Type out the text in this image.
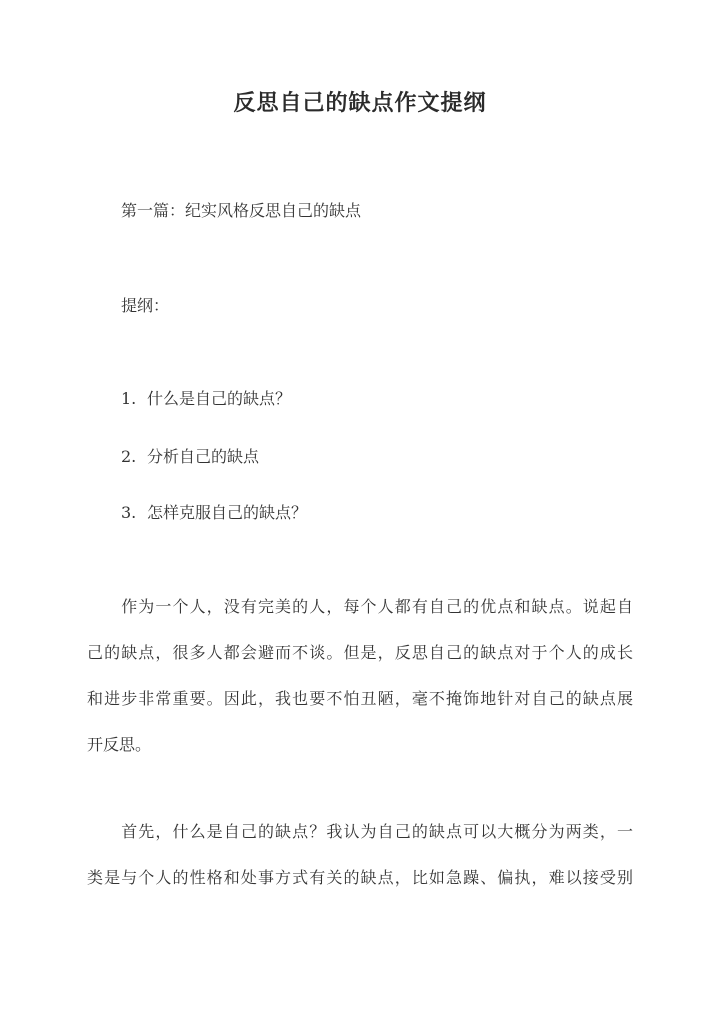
反思自己的缺点作文提纲
第一篇：纪实风格反思自己的缺点
提纲：
1. 什么是自己的缺点？
2. 分析自己的缺点
3. 怎样克服自己的缺点？
　　作为一个人，没有完美的人，每个人都有自己的优点和缺点。说起自
己的缺点，很多人都会避而不谈。但是，反思自己的缺点对于个人的成长
和进步非常重要。因此，我也要不怕丑陋，毫不掩饰地针对自己的缺点展
开反思。
　　首先，什么是自己的缺点？我认为自己的缺点可以大概分为两类，一
类是与个人的性格和处事方式有关的缺点，比如急躁、偏执，难以接受别
